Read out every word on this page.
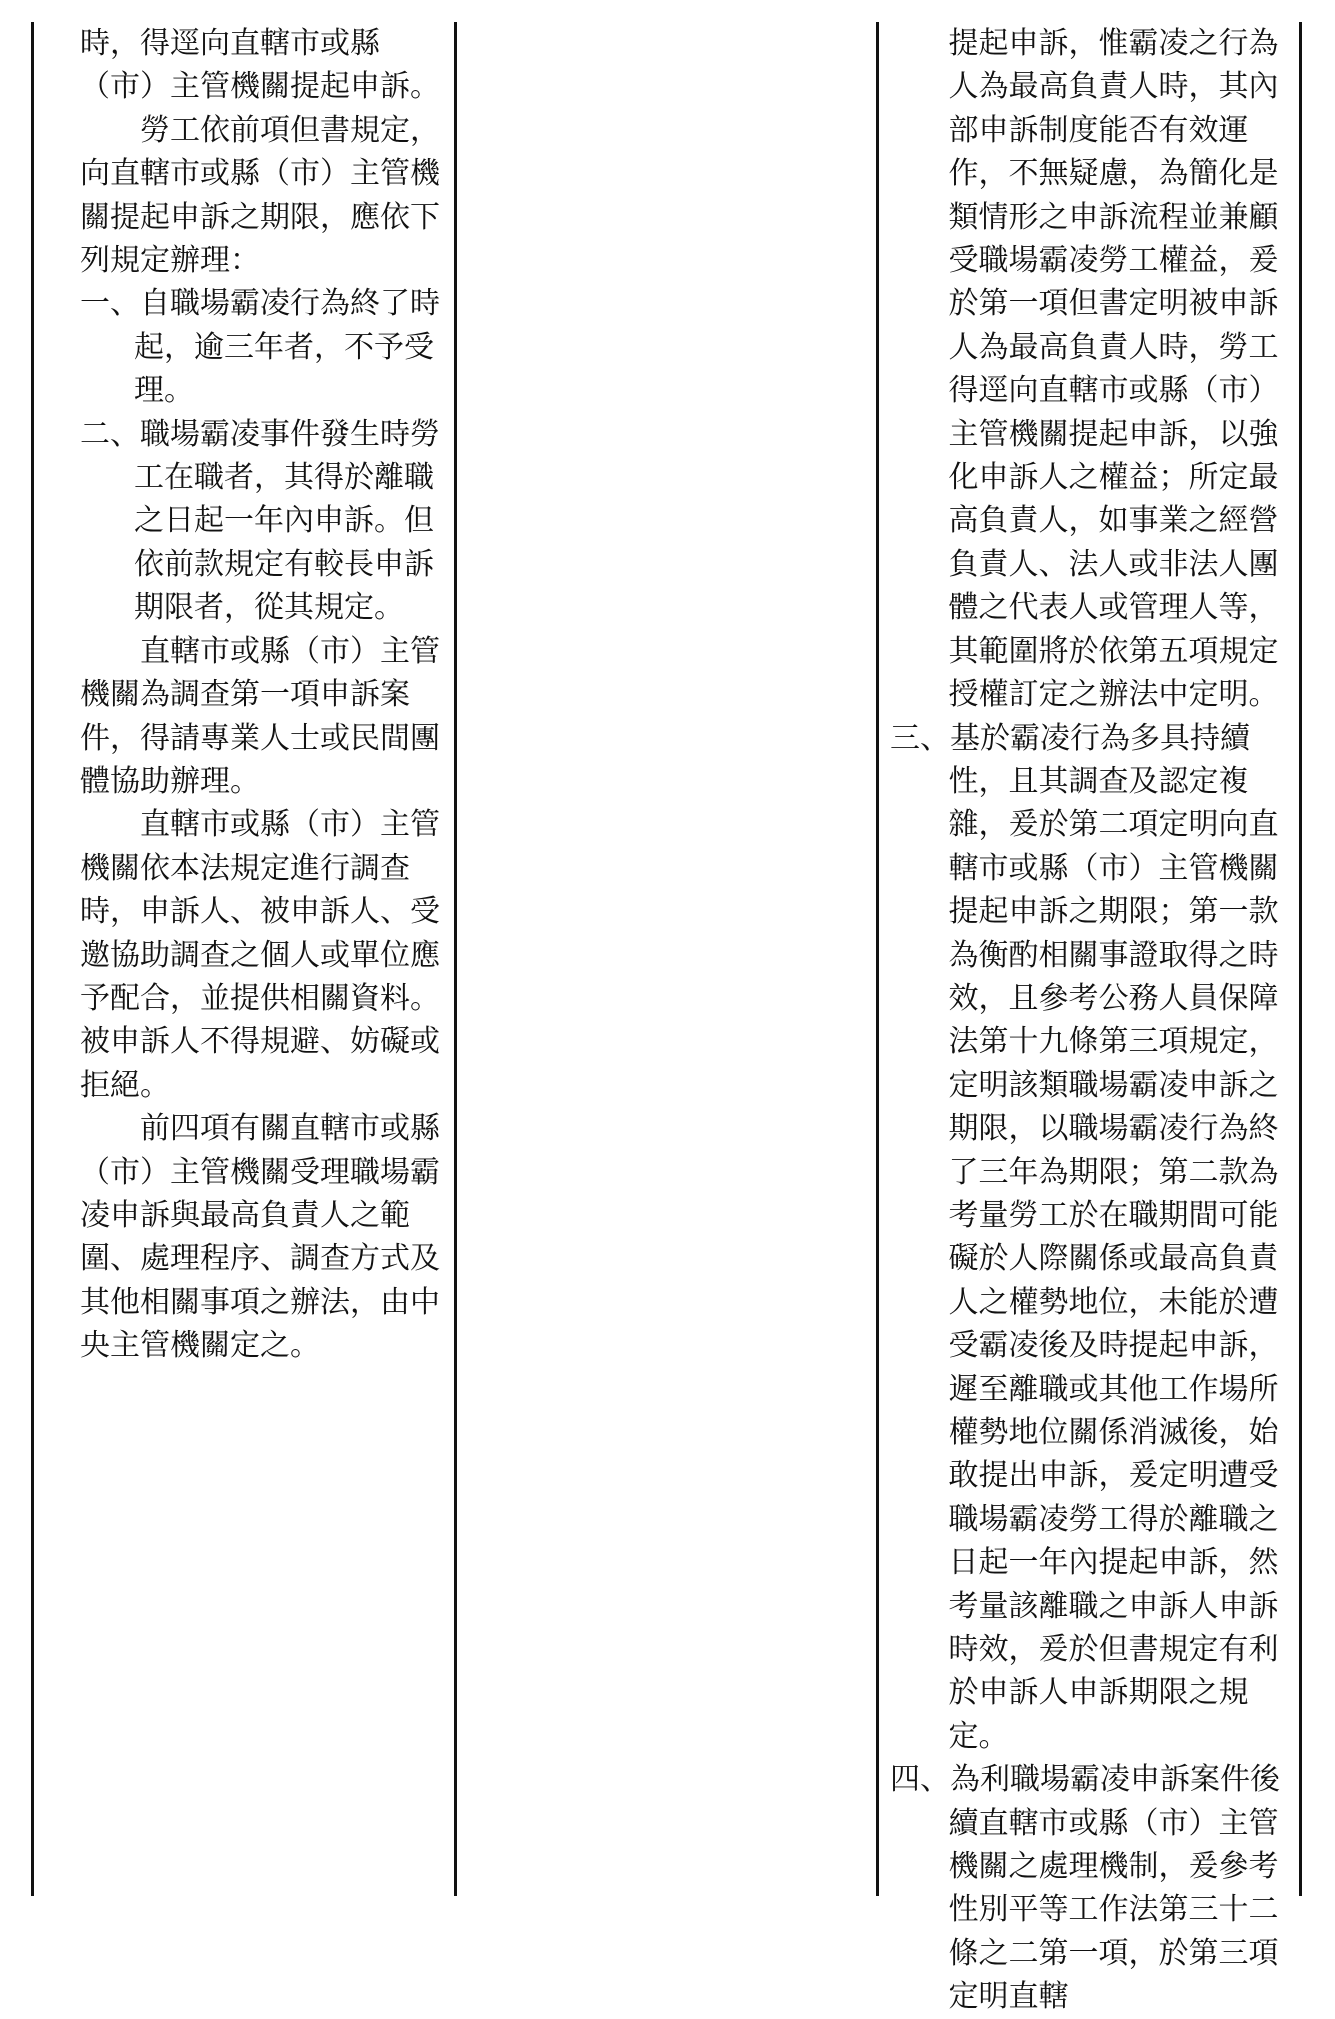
時，得逕向直轄市或縣（市）主管機關提起申訴。

勞工依前項但書規定，向直轄市或縣（市）主管機關提起申訴之期限，應依下列規定辦理：

一、自職場霸凌行為終了時起，逾三年者，不予受理。

二、職場霸凌事件發生時勞工在職者，其得於離職之日起一年內申訴。但依前款規定有較長申訴期限者，從其規定。

直轄市或縣（市）主管機關為調查第一項申訴案件，得請專業人士或民間團體協助辦理。

直轄市或縣（市）主管機關依本法規定進行調查時，申訴人、被申訴人、受邀協助調查之個人或單位應予配合，並提供相關資料。被申訴人不得規避、妨礙或拒絕。

前四項有關直轄市或縣（市）主管機關受理職場霸凌申訴與最高負責人之範圍、處理程序、調查方式及其他相關事項之辦法，由中央主管機關定之。

提起申訴，惟霸凌之行為人為最高負責人時，其內部申訴制度能否有效運作，不無疑慮，為簡化是類情形之申訴流程並兼顧受職場霸凌勞工權益，爰於第一項但書定明被申訴人為最高負責人時，勞工得逕向直轄市或縣（市）主管機關提起申訴，以強化申訴人之權益；所定最高負責人，如事業之經營負責人、法人或非法人團體之代表人或管理人等，其範圍將於依第五項規定授權訂定之辦法中定明。

三、基於霸凌行為多具持續性，且其調查及認定複雜，爰於第二項定明向直轄市或縣（市）主管機關提起申訴之期限；第一款為衡酌相關事證取得之時效，且參考公務人員保障法第十九條第三項規定，定明該類職場霸凌申訴之期限，以職場霸凌行為終了三年為期限；第二款為考量勞工於在職期間可能礙於人際關係或最高負責人之權勢地位，未能於遭受霸凌後及時提起申訴，遲至離職或其他工作場所權勢地位關係消滅後，始敢提出申訴，爰定明遭受職場霸凌勞工得於離職之日起一年內提起申訴，然考量該離職之申訴人申訴時效，爰於但書規定有利於申訴人申訴期限之規定。

四、為利職場霸凌申訴案件後續直轄市或縣（市）主管機關之處理機制，爰參考性別平等工作法第三十二條之二第一項，於第三項定明直轄
